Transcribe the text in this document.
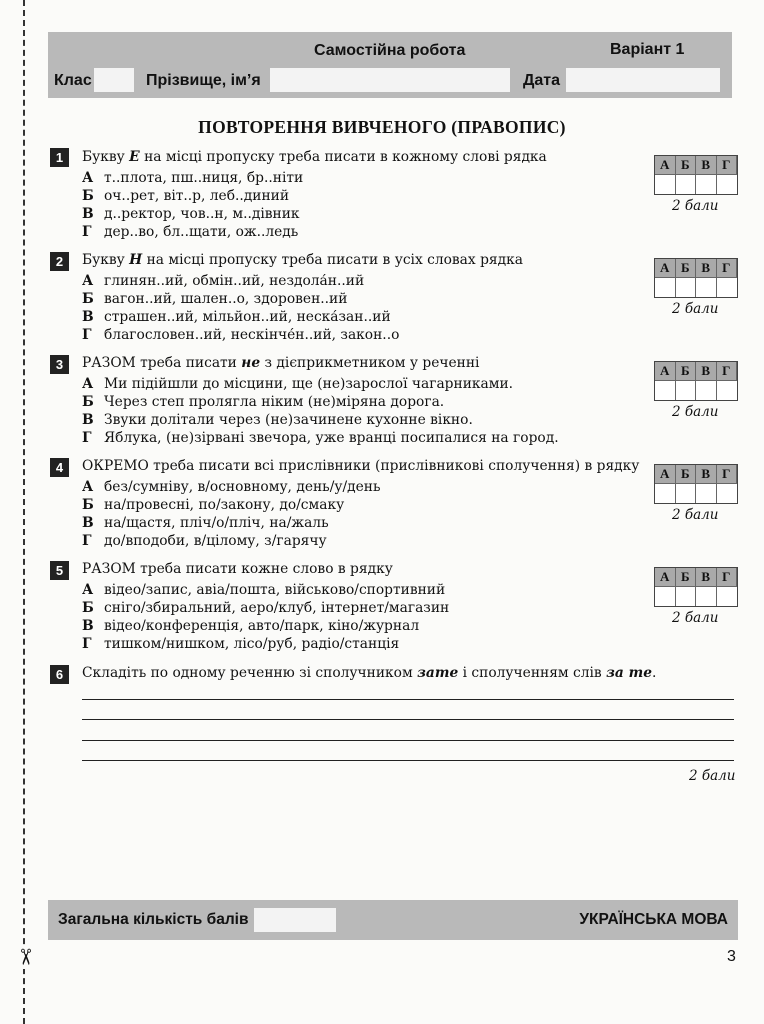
✂
Самостійна робота	Варіант 1
Клас	Прізвище, ім’я	Дата
ПОВТОРЕННЯ ВИВЧЕНОГО (ПРАВОПИС)
1	Букву Е на місці пропуску треба писати в кожному слові рядка
А т..плота, пш..ниця, бр..ніти
Б оч..рет, віт..р, леб..диний
В д..ректор, чов..н, м..дівник
Г дер..во, бл..щати, ож..ледь
А Б В Г
2 бали
2	Букву Н на місці пропуску треба писати в усіх словах рядка
А глинян..ий, обмін..ий, нездола́н..ий
Б вагон..ий, шален..о, здоровен..ий
В страшен..ий, мільйон..ий, неска́зан..ий
Г благословен..ий, нескінче́н..ий, закон..о
А Б В Г
2 бали
3	РАЗОМ треба писати не з дієприкметником у реченні
А Ми підійшли до місцини, ще (не)зарослої чагарниками.
Б Через степ пролягла ніким (не)міряна дорога.
В Звуки долітали через (не)зачинене кухонне вікно.
Г Яблука, (не)зірвані звечора, уже вранці посипалися на город.
А Б В Г
2 бали
4	ОКРЕМО треба писати всі прислівники (прислівникові сполучення) в рядку
А без/сумніву, в/основному, день/у/день
Б на/провесні, по/закону, до/смаку
В на/щастя, пліч/о/пліч, на/жаль
Г до/вподоби, в/цілому, з/гарячу
А Б В Г
2 бали
5	РАЗОМ треба писати кожне слово в рядку
А відео/запис, авіа/пошта, військово/спортивний
Б сніго/збиральний, аеро/клуб, інтернет/магазин
В відео/конференція, авто/парк, кіно/журнал
Г тишком/нишком, лісо/руб, радіо/станція
А Б В Г
2 бали
6	Складіть по одному реченню зі сполучником зате і сполученням слів за те.
2 бали
Загальна кількість балів	УКРАЇНСЬКА МОВА
3
